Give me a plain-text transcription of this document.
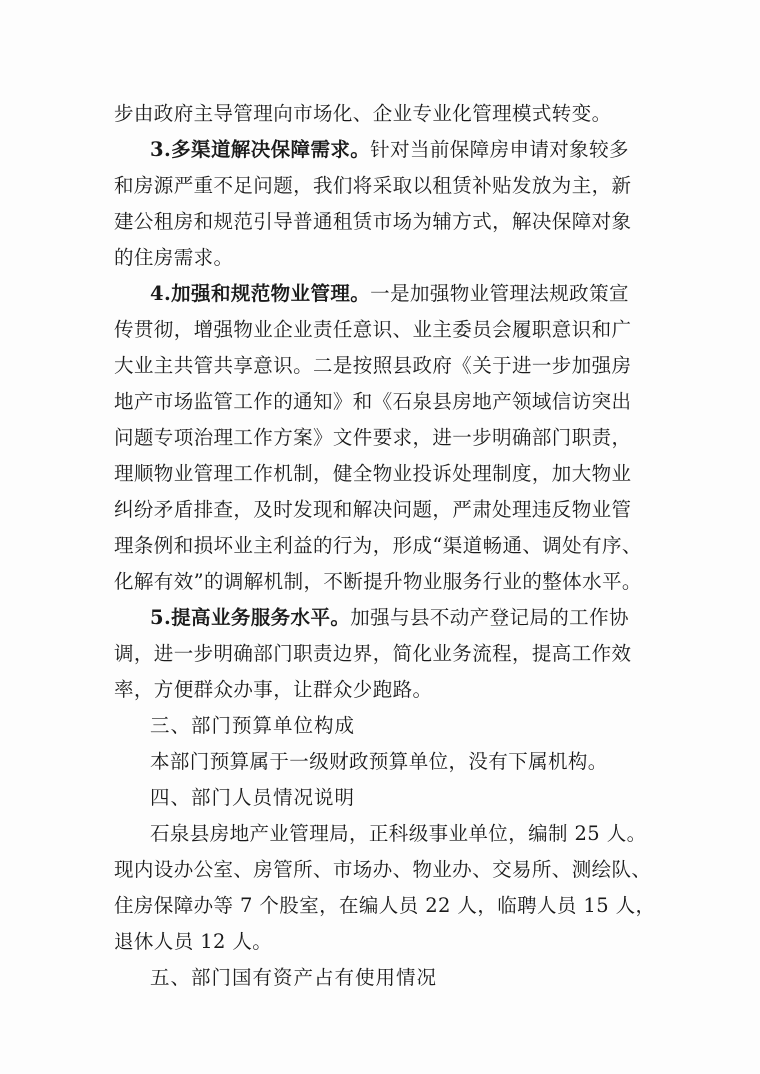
步由政府主导管理向市场化、企业专业化管理模式转变。
3.多渠道解决保障需求。针对当前保障房申请对象较多
和房源严重不足问题，我们将采取以租赁补贴发放为主，新
建公租房和规范引导普通租赁市场为辅方式，解决保障对象
的住房需求。
4.加强和规范物业管理。一是加强物业管理法规政策宣
传贯彻，增强物业企业责任意识、业主委员会履职意识和广
大业主共管共享意识。二是按照县政府《关于进一步加强房
地产市场监管工作的通知》和《石泉县房地产领域信访突出
问题专项治理工作方案》文件要求，进一步明确部门职责，
理顺物业管理工作机制，健全物业投诉处理制度，加大物业
纠纷矛盾排查，及时发现和解决问题，严肃处理违反物业管
理条例和损坏业主利益的行为，形成“渠道畅通、调处有序、
化解有效”的调解机制，不断提升物业服务行业的整体水平。
5.提高业务服务水平。加强与县不动产登记局的工作协
调，进一步明确部门职责边界，简化业务流程，提高工作效
率，方便群众办事，让群众少跑路。
三、部门预算单位构成
本部门预算属于一级财政预算单位，没有下属机构。
四、部门人员情况说明
石泉县房地产业管理局，正科级事业单位，编制 25 人。
现内设办公室、房管所、市场办、物业办、交易所、测绘队、
住房保障办等 7 个股室，在编人员 22 人，临聘人员 15 人，
退休人员 12 人。
五、部门国有资产占有使用情况
